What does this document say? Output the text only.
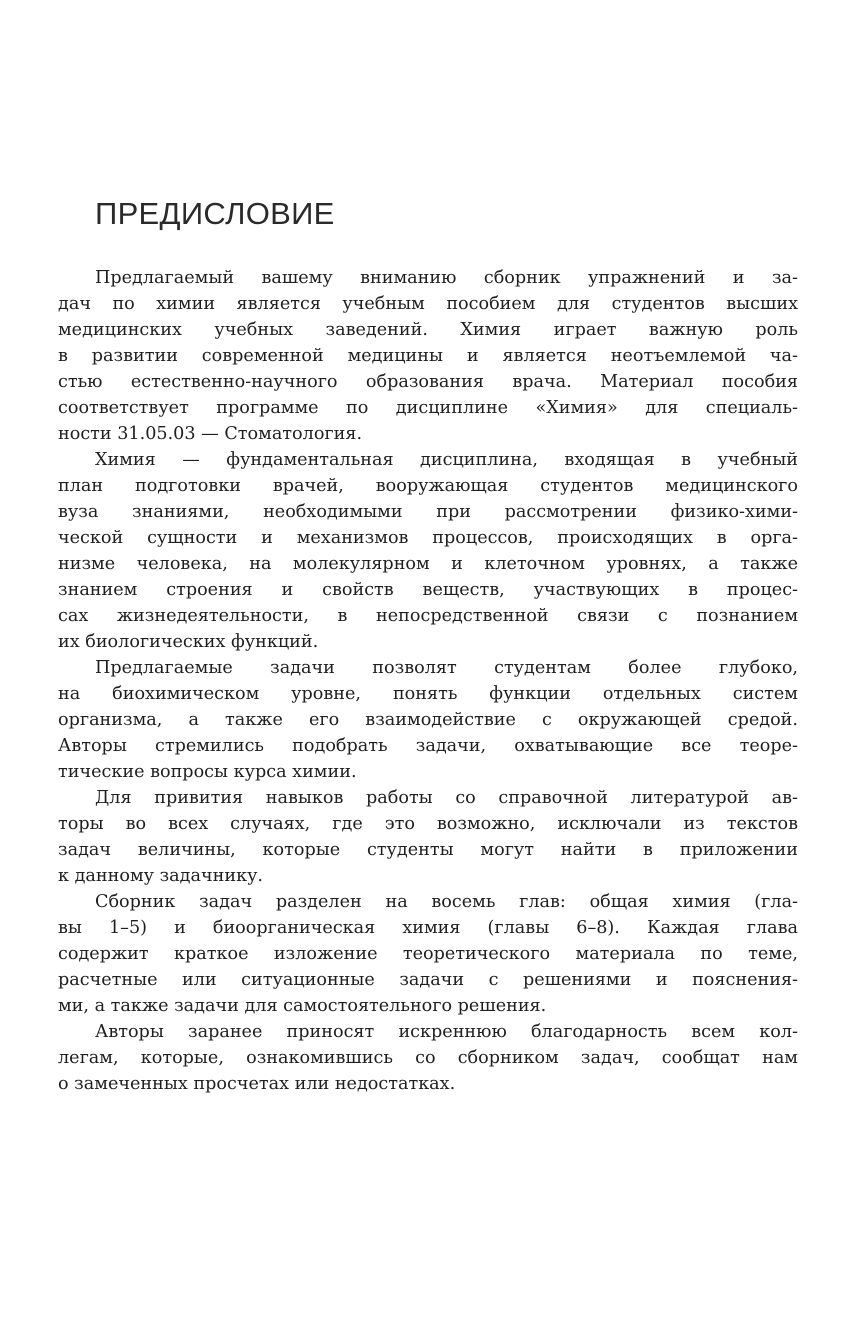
ПРЕДИСЛОВИЕ
Предлагаемый вашему вниманию сборник упражнений и за-
дач по химии является учебным пособием для студентов высших
медицинских учебных заведений. Химия играет важную роль
в развитии современной медицины и является неотъемлемой ча-
стью естественно-научного образования врача. Материал пособия
соответствует программе по дисциплине «Химия» для специаль-
ности 31.05.03 — Стоматология.
Химия — фундаментальная дисциплина, входящая в учебный
план подготовки врачей, вооружающая студентов медицинского
вуза знаниями, необходимыми при рассмотрении физико-хими-
ческой сущности и механизмов процессов, происходящих в орга-
низме человека, на молекулярном и клеточном уровнях, а также
знанием строения и свойств веществ, участвующих в процес-
сах жизнедеятельности, в непосредственной связи с познанием
их биологических функций.
Предлагаемые задачи позволят студентам более глубоко,
на биохимическом уровне, понять функции отдельных систем
организма, а также его взаимодействие с окружающей средой.
Авторы стремились подобрать задачи, охватывающие все теоре-
тические вопросы курса химии.
Для привития навыков работы со справочной литературой ав-
торы во всех случаях, где это возможно, исключали из текстов
задач величины, которые студенты могут найти в приложении
к данному задачнику.
Сборник задач разделен на восемь глав: общая химия (гла-
вы 1–5) и биоорганическая химия (главы 6–8). Каждая глава
содержит краткое изложение теоретического материала по теме,
расчетные или ситуационные задачи с решениями и пояснения-
ми, а также задачи для самостоятельного решения.
Авторы заранее приносят искреннюю благодарность всем кол-
легам, которые, ознакомившись со сборником задач, сообщат нам
о замеченных просчетах или недостатках.
